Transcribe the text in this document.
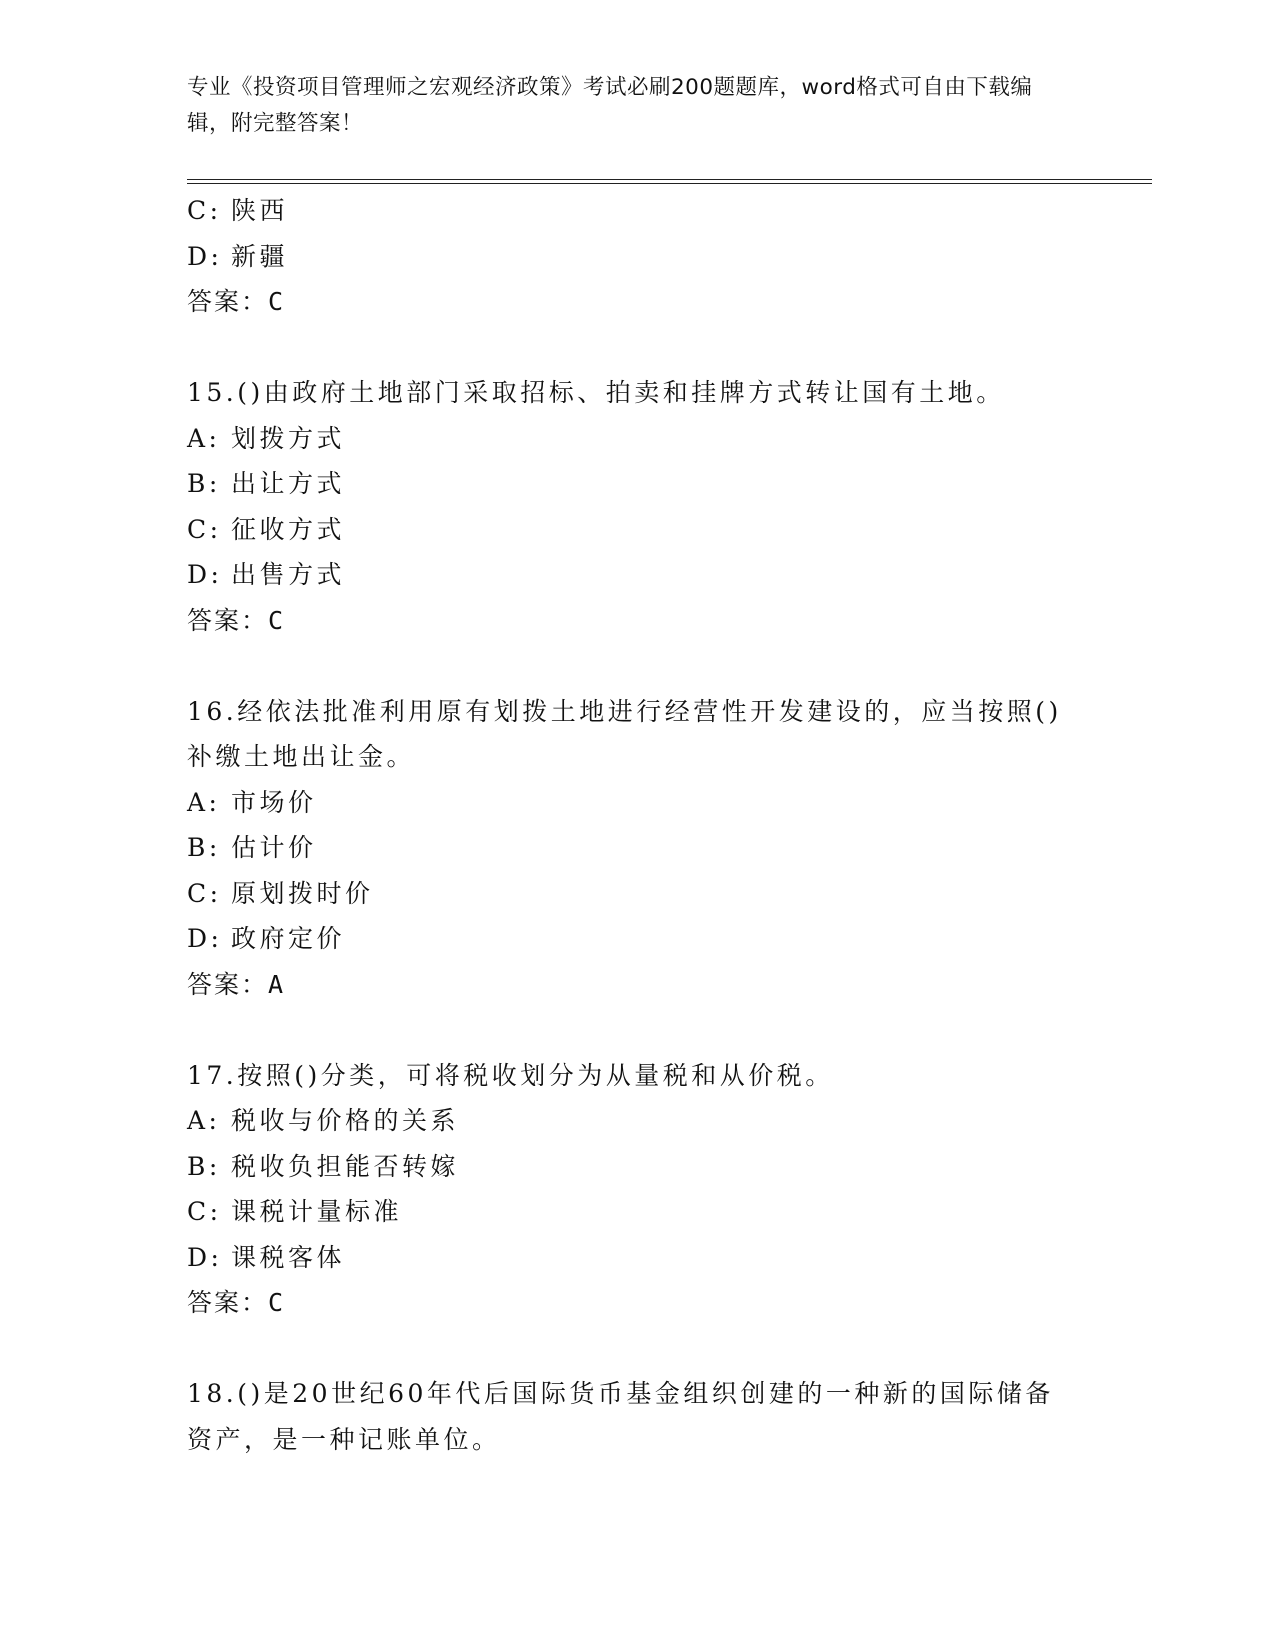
专业《投资项目管理师之宏观经济政策》考试必刷200题题库，word格式可自由下载编辑，附完整答案！
C: 陕西
D: 新疆
答案：C
15.()由政府土地部门采取招标、拍卖和挂牌方式转让国有土地。
A: 划拨方式
B: 出让方式
C: 征收方式
D: 出售方式
答案：C
16.经依法批准利用原有划拨土地进行经营性开发建设的，应当按照()
补缴土地出让金。
A: 市场价
B: 估计价
C: 原划拨时价
D: 政府定价
答案：A
17.按照()分类，可将税收划分为从量税和从价税。
A: 税收与价格的关系
B: 税收负担能否转嫁
C: 课税计量标准
D: 课税客体
答案：C
18.()是20世纪60年代后国际货币基金组织创建的一种新的国际储备
资产，是一种记账单位。
